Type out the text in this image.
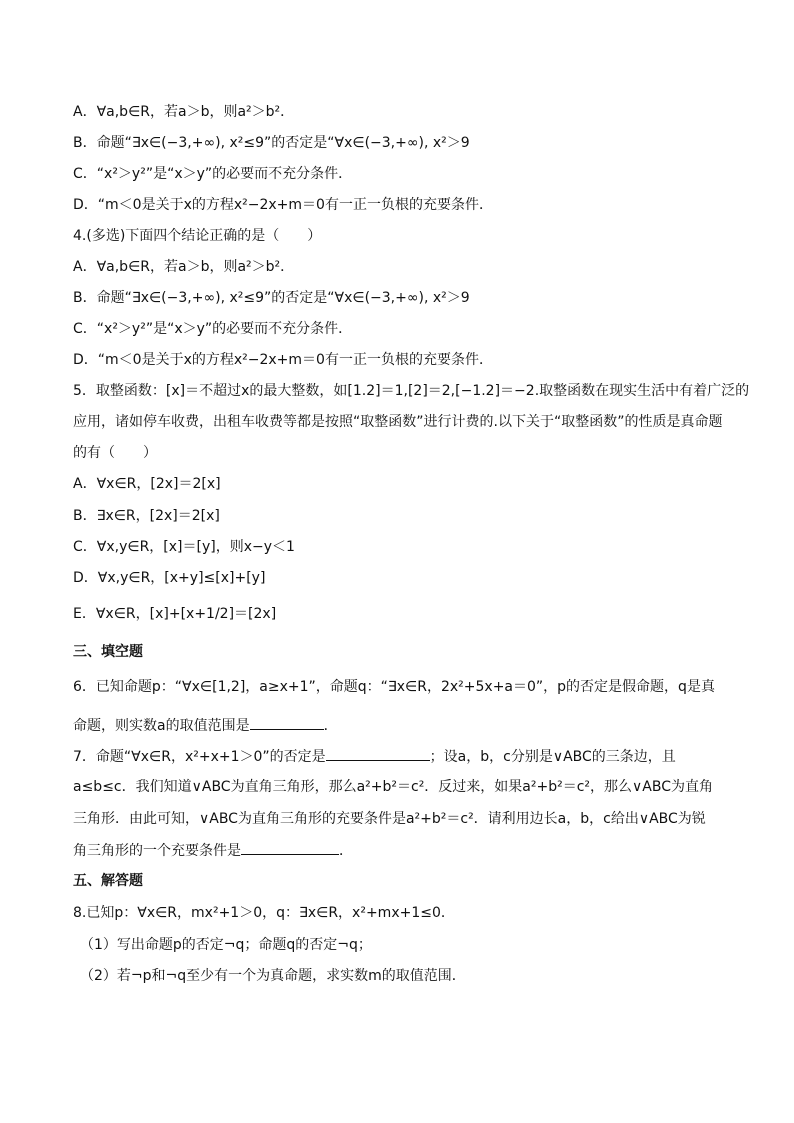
A．∀a,b∈R，若a＞b，则a²＞b²．
B．命题“∃x∈(−3,+∞), x²≤9”的否定是“∀x∈(−3,+∞), x²＞9
C．“x²＞y²”是“x＞y”的必要而不充分条件．
D．“m＜0是关于x的方程x²−2x+m＝0有一正一负根的充要条件．
4.(多选)下面四个结论正确的是（　　）
A．∀a,b∈R，若a＞b，则a²＞b²．
B．命题“∃x∈(−3,+∞), x²≤9”的否定是“∀x∈(−3,+∞), x²＞9
C．“x²＞y²”是“x＞y”的必要而不充分条件．
D．“m＜0是关于x的方程x²−2x+m＝0有一正一负根的充要条件．
5．取整函数：[x]＝不超过x的最大整数，如[1.2]＝1,[2]＝2,[−1.2]＝−2.取整函数在现实生活中有着广泛的
应用，诸如停车收费，出租车收费等都是按照“取整函数”进行计费的.以下关于“取整函数”的性质是真命题
的有（　　）
A．∀x∈R，[2x]＝2[x]
B．∃x∈R，[2x]＝2[x]
C．∀x,y∈R，[x]＝[y]，则x−y＜1
D．∀x,y∈R，[x+y]≤[x]+[y]
E．∀x∈R，[x]+[x+1/2]＝[2x]
三、填空题
6．已知命题p：“∀x∈[1,2]，a≥x+1”，命题q：“∃x∈R，2x²+5x+a＝0”，p的否定是假命题，q是真
命题，则实数a的取值范围是	．
7．命题“∀x∈R，x²+x+1＞0”的否定是	；设a，b，c分别是∨ABC的三条边，且
a≤b≤c．我们知道∨ABC为直角三角形，那么a²+b²＝c²．反过来，如果a²+b²＝c²，那么∨ABC为直角
三角形．由此可知，∨ABC为直角三角形的充要条件是a²+b²＝c²．请利用边长a，b，c给出∨ABC为锐
角三角形的一个充要条件是	．
五、解答题
8.已知p：∀x∈R，mx²+1＞0，q：∃x∈R，x²+mx+1≤0．
（1）写出命题p的否定¬q；命题q的否定¬q；
（2）若¬p和¬q至少有一个为真命题，求实数m的取值范围．
